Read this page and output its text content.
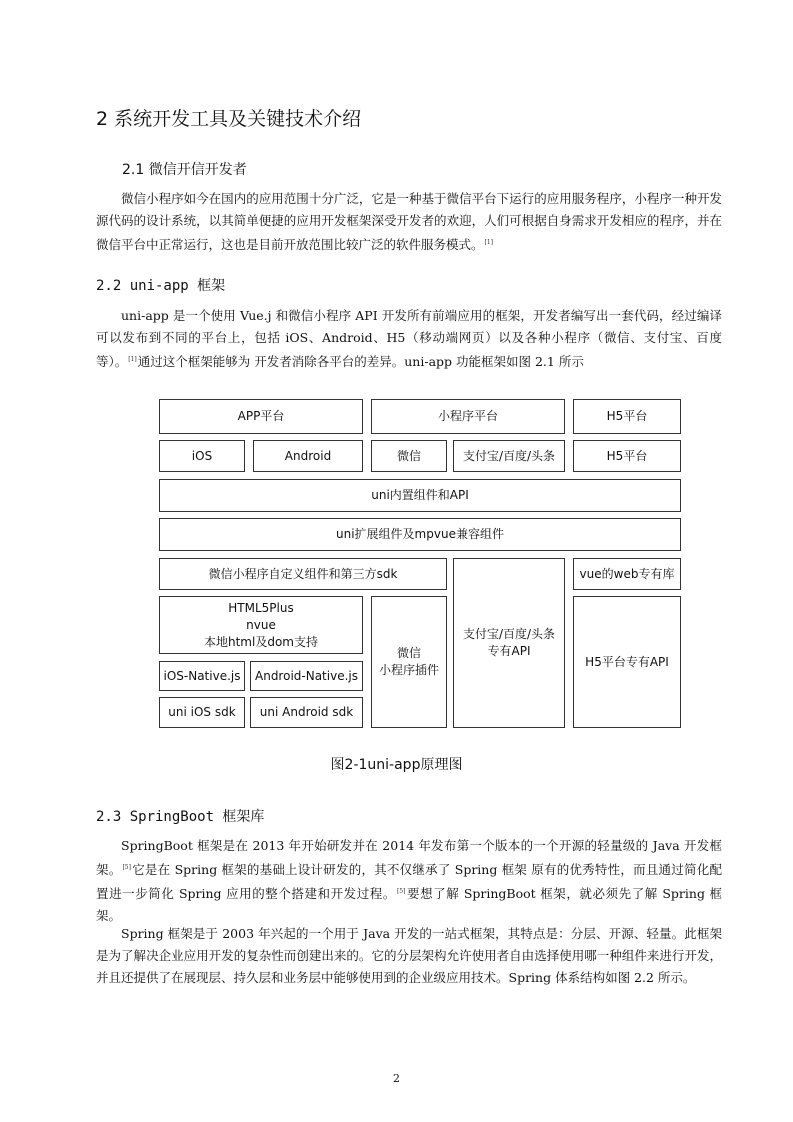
2 系统开发工具及关键技术介绍
2.1 微信开信开发者
微信小程序如今在国内的应用范围十分广泛，它是一种基于微信平台下运行的应用服务程序，小程序一种开发源代码的设计系统，以其简单便捷的应用开发框架深受开发者的欢迎，人们可根据自身需求开发相应的程序，并在微信平台中正常运行，这也是目前开放范围比较广泛的软件服务模式。[1]
2.2 uni-app 框架
uni-app 是一个使用 Vue.j 和微信小程序 API 开发所有前端应用的框架，开发者编写出一套代码，经过编译可以发布到不同的平台上，包括 iOS、Android、H5（移动端网页）以及各种小程序（微信、支付宝、百度等）。[1]通过这个框架能够为 开发者消除各平台的差异。uni-app 功能框架如图 2.1 所示
APP平台	小程序平台	H5平台
iOS	Android	微信	支付宝/百度/头条	H5平台
uni内置组件和API
uni扩展组件及mpvue兼容组件
微信小程序自定义组件和第三方sdk	vue的web专有库
HTML5Plus
nvue
本地html及dom支持
微信
小程序插件
支付宝/百度/头条
专有API
H5平台专有API
iOS-Native.js	Android-Native.js
uni iOS sdk	uni Android sdk
图2-1uni-app原理图
2.3 SpringBoot 框架库
SpringBoot 框架是在 2013 年开始研发并在 2014 年发布第一个版本的一个开源的轻量级的 Java 开发框架。[5]它是在 Spring 框架的基础上设计研发的，其不仅继承了 Spring 框架 原有的优秀特性，而且通过简化配置进一步简化 Spring 应用的整个搭建和开发过程。[5]要想了解 SpringBoot 框架，就必须先了解 Spring 框架。
Spring 框架是于 2003 年兴起的一个用于 Java 开发的一站式框架，其特点是：分层、开源、轻量。此框架是为了解决企业应用开发的复杂性而创建出来的。它的分层架构允许使用者自由选择使用哪一种组件来进行开发，并且还提供了在展现层、持久层和业务层中能够使用到的企业级应用技术。Spring 体系结构如图 2.2 所示。
2
